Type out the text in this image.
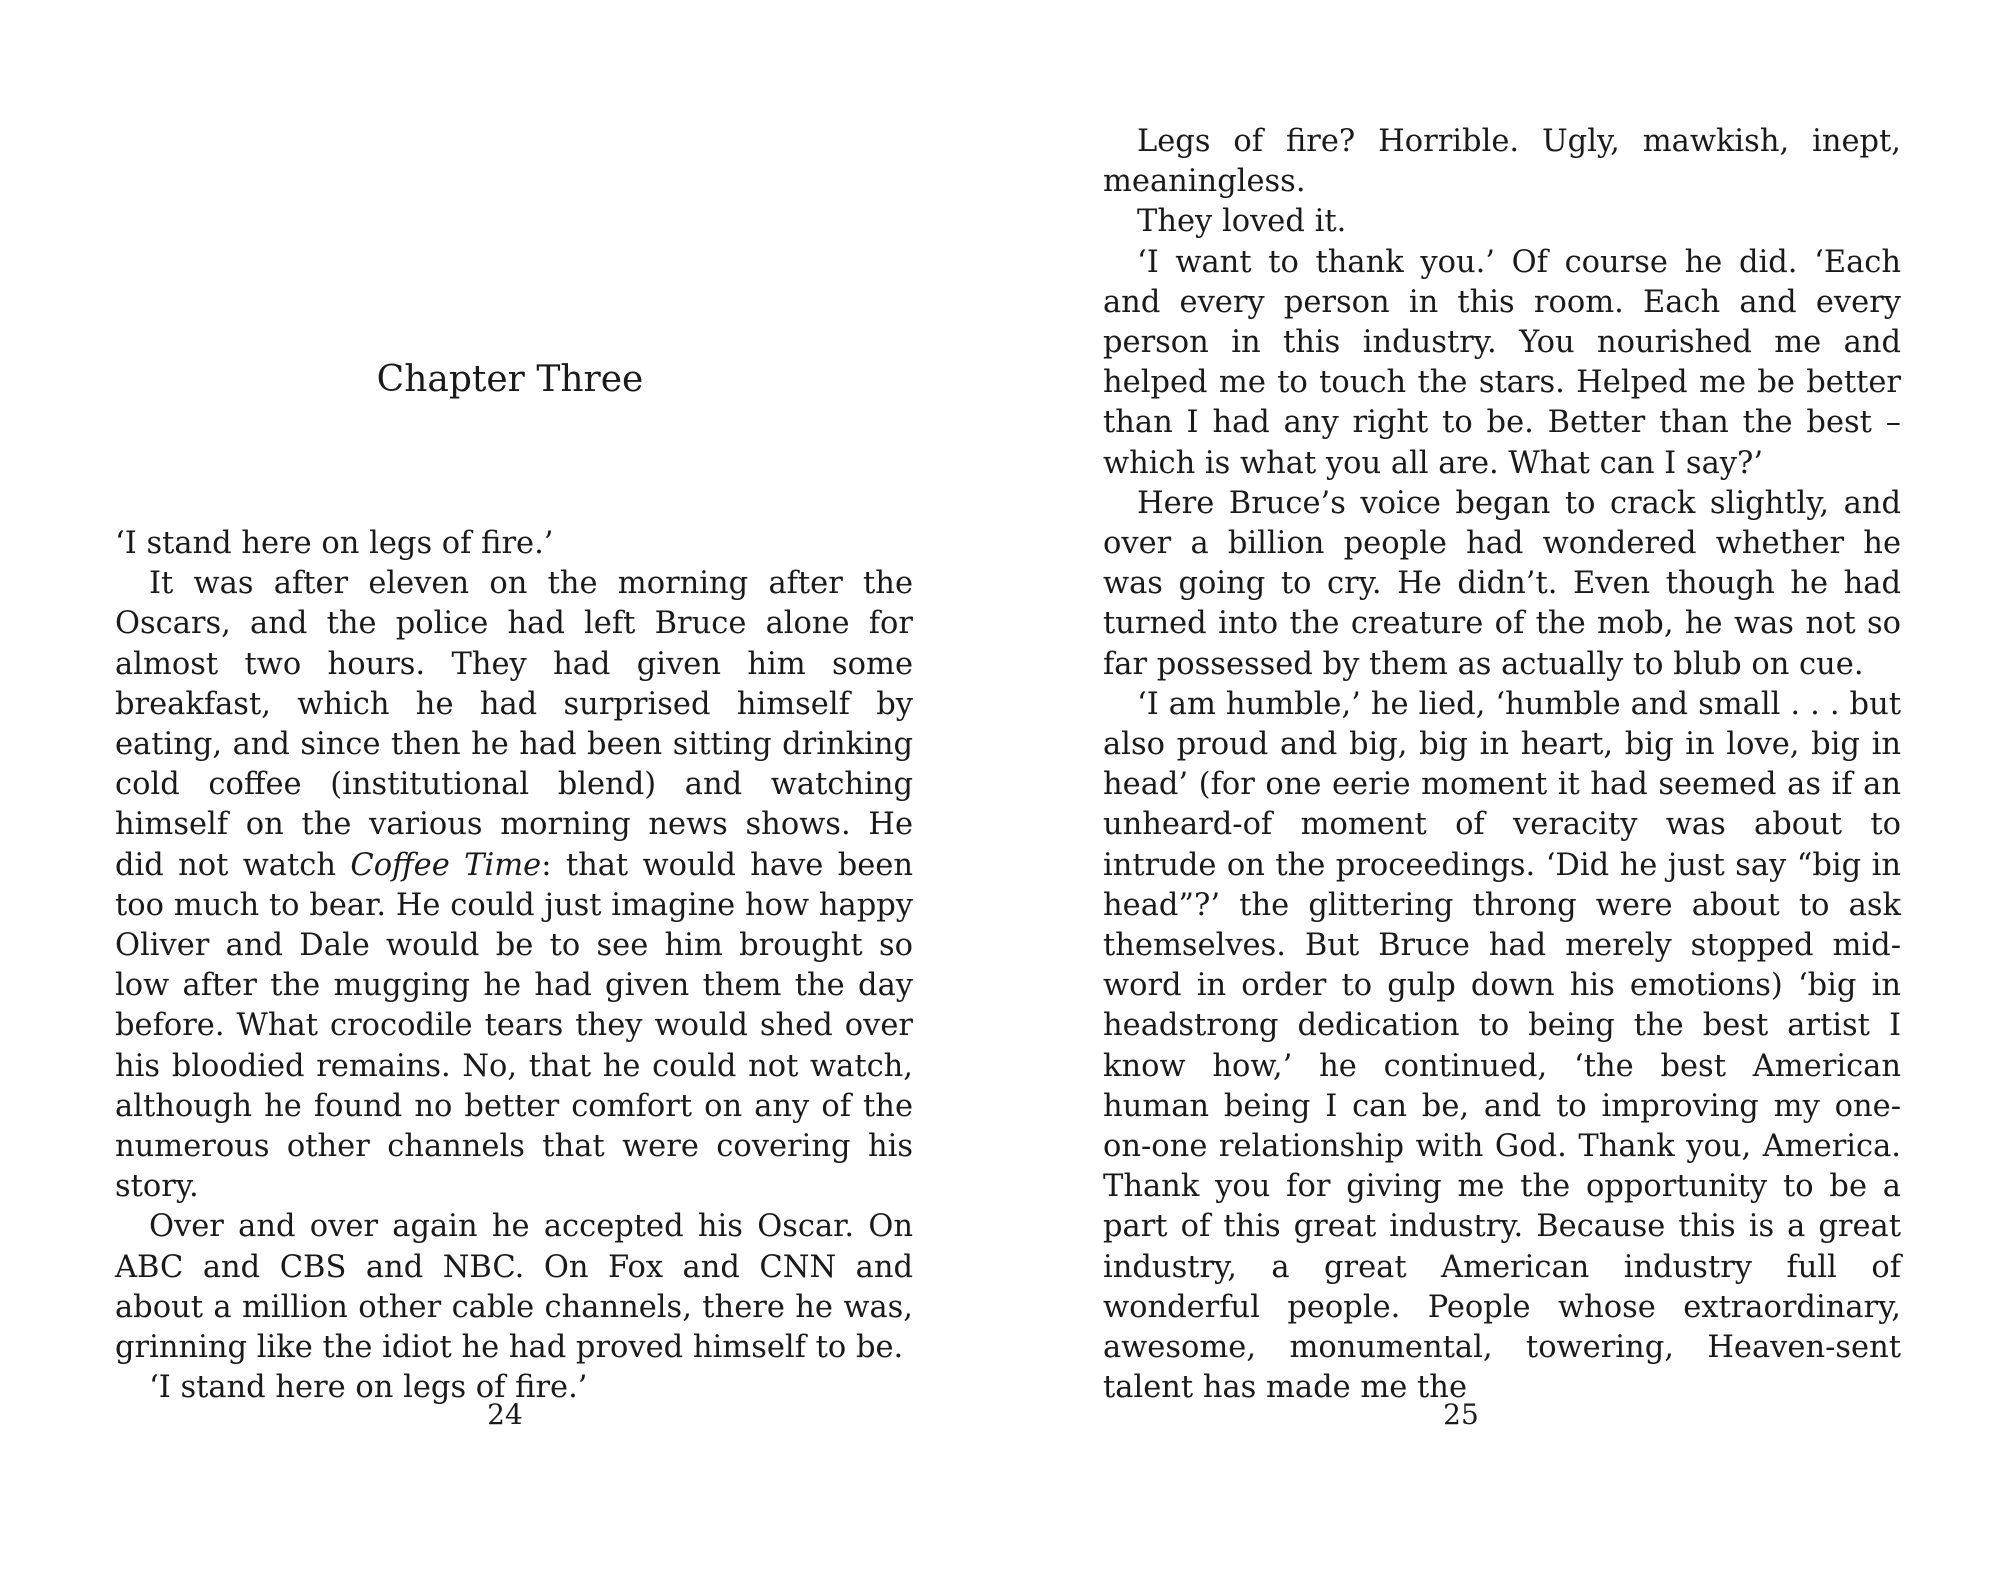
Chapter Three

‘I stand here on legs of fire.’

It was after eleven on the morning after the Oscars, and the police had left Bruce alone for almost two hours. They had given him some breakfast, which he had surprised himself by eating, and since then he had been sitting drinking cold coffee (institutional blend) and watching himself on the various morning news shows. He did not watch Coffee Time: that would have been too much to bear. He could just imagine how happy Oliver and Dale would be to see him brought so low after the mugging he had given them the day before. What crocodile tears they would shed over his bloodied remains. No, that he could not watch, although he found no better comfort on any of the numerous other channels that were covering his story.

Over and over again he accepted his Oscar. On ABC and CBS and NBC. On Fox and CNN and about a million other cable channels, there he was, grinning like the idiot he had proved himself to be.

‘I stand here on legs of fire.’

24

Legs of fire? Horrible. Ugly, mawkish, inept, meaningless.

They loved it.

‘I want to thank you.’ Of course he did. ‘Each and every person in this room. Each and every person in this industry. You nourished me and helped me to touch the stars. Helped me be better than I had any right to be. Better than the best – which is what you all are. What can I say?’

Here Bruce’s voice began to crack slightly, and over a billion people had wondered whether he was going to cry. He didn’t. Even though he had turned into the creature of the mob, he was not so far possessed by them as actually to blub on cue.

‘I am humble,’ he lied, ‘humble and small . . . but also proud and big, big in heart, big in love, big in head’ (for one eerie moment it had seemed as if an unheard-of moment of veracity was about to intrude on the proceedings. ‘Did he just say “big in head”?’ the glittering throng were about to ask themselves. But Bruce had merely stopped mid-word in order to gulp down his emotions) ‘big in headstrong dedication to being the best artist I know how,’ he continued, ‘the best American human being I can be, and to improving my one-on-one relationship with God. Thank you, America. Thank you for giving me the opportunity to be a part of this great industry. Because this is a great industry, a great American industry full of wonderful people. People whose extraordinary, awesome, monumental, towering, Heaven-sent talent has made me the

25
